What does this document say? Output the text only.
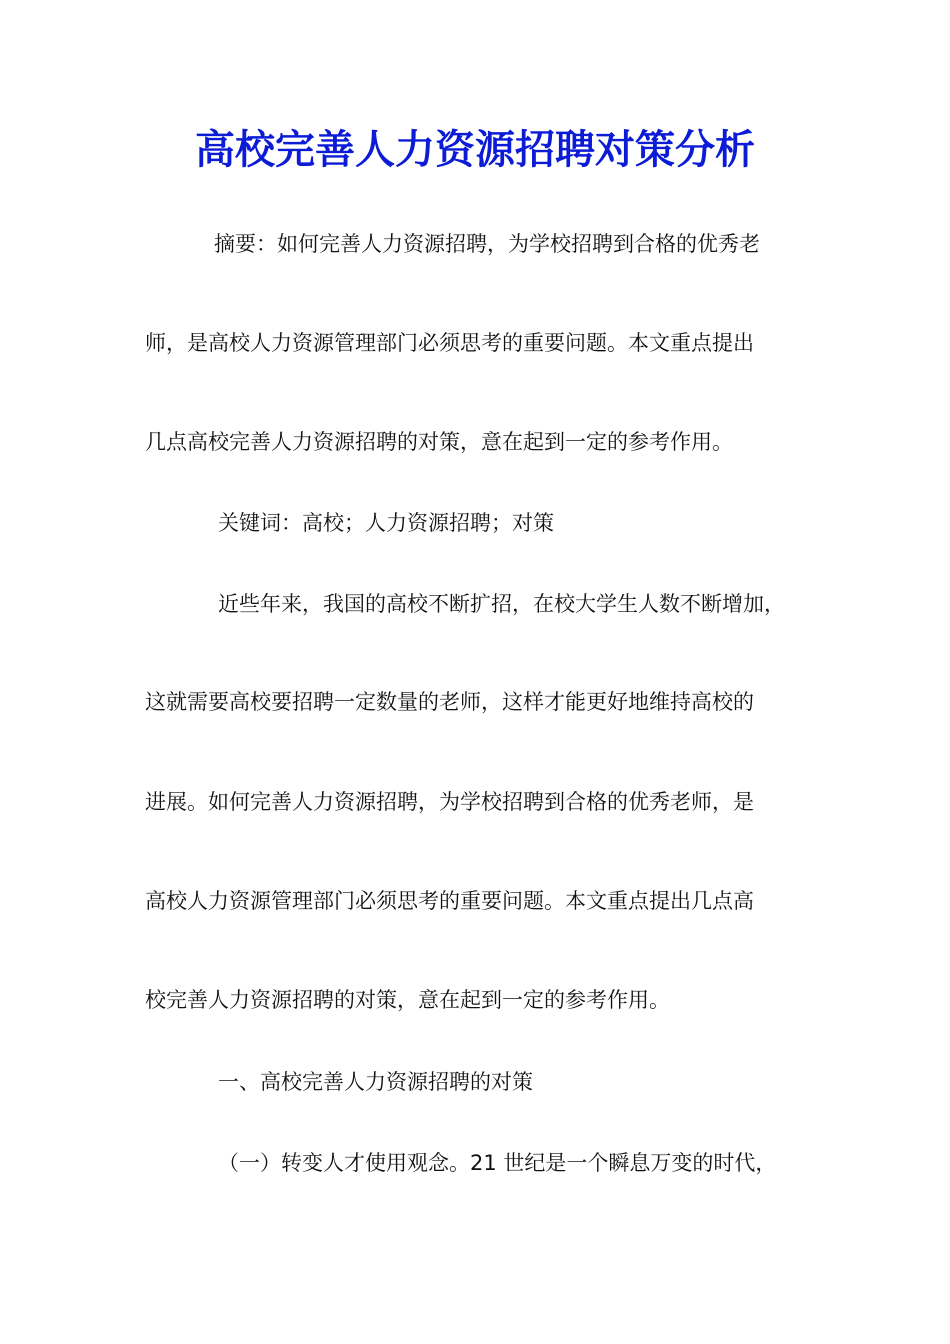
高校完善人力资源招聘对策分析
摘要：如何完善人力资源招聘，为学校招聘到合格的优秀老
师，是高校人力资源管理部门必须思考的重要问题。本文重点提出
几点高校完善人力资源招聘的对策，意在起到一定的参考作用。
关键词：高校；人力资源招聘；对策
近些年来，我国的高校不断扩招，在校大学生人数不断增加，
这就需要高校要招聘一定数量的老师，这样才能更好地维持高校的
进展。如何完善人力资源招聘，为学校招聘到合格的优秀老师，是
高校人力资源管理部门必须思考的重要问题。本文重点提出几点高
校完善人力资源招聘的对策，意在起到一定的参考作用。
一、高校完善人力资源招聘的对策
（一）转变人才使用观念。21 世纪是一个瞬息万变的时代，
